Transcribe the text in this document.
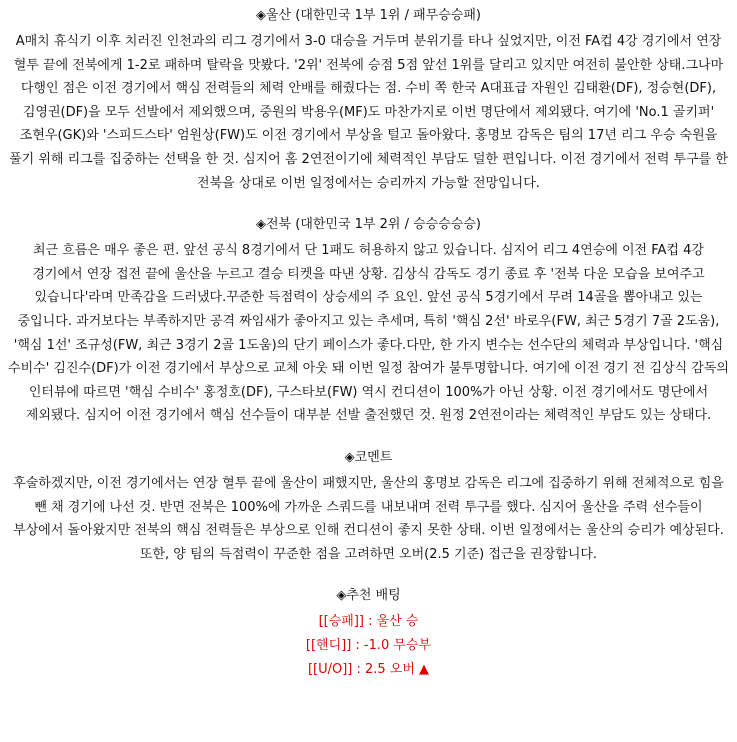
◈울산 (대한민국 1부 1위 / 패무승승패)

A매치 휴식기 이후 치러진 인천과의 리그 경기에서 3-0 대승을 거두며 분위기를 타나 싶었지만, 이전 FA컵 4강 경기에서 연장 혈투 끝에 전북에게 1-2로 패하며 탈락을 맛봤다. '2위' 전북에 승점 5점 앞선 1위를 달리고 있지만 여전히 불안한 상태.그나마 다행인 점은 이전 경기에서 핵심 전력들의 체력 안배를 해줬다는 점. 수비 쪽 한국 A대표급 자원인 김태환(DF), 정승현(DF), 김영권(DF)을 모두 선발에서 제외했으며, 중원의 박용우(MF)도 마찬가지로 이번 명단에서 제외됐다. 여기에 'No.1 골키퍼' 조현우(GK)와 '스피드스타' 엄원상(FW)도 이전 경기에서 부상을 털고 돌아왔다. 홍명보 감독은 팀의 17년 리그 우승 숙원을 풀기 위해 리그를 집중하는 선택을 한 것. 심지어 홈 2연전이기에 체력적인 부담도 덜한 편입니다. 이전 경기에서 전력 투구를 한 전북을 상대로 이번 일정에서는 승리까지 가능할 전망입니다.

◈전북 (대한민국 1부 2위 / 승승승승승)

최근 흐름은 매우 좋은 편. 앞선 공식 8경기에서 단 1패도 허용하지 않고 있습니다. 심지어 리그 4연승에 이전 FA컵 4강 경기에서 연장 접전 끝에 울산을 누르고 결승 티켓을 따낸 상황. 김상식 감독도 경기 종료 후 '전북 다운 모습을 보여주고 있습니다'라며 만족감을 드러냈다.꾸준한 득점력이 상승세의 주 요인. 앞선 공식 5경기에서 무려 14골을 뽑아내고 있는 중입니다. 과거보다는 부족하지만 공격 짜임새가 좋아지고 있는 추세며, 특히 '핵심 2선' 바로우(FW, 최근 5경기 7골 2도움), '핵심 1선' 조규성(FW, 최근 3경기 2골 1도움)의 단기 페이스가 좋다.다만, 한 가지 변수는 선수단의 체력과 부상입니다. '핵심 수비수' 김진수(DF)가 이전 경기에서 부상으로 교체 아웃 돼 이번 일정 참여가 불투명합니다. 여기에 이전 경기 전 김상식 감독의 인터뷰에 따르면 '핵심 수비수' 홍정호(DF), 구스타보(FW) 역시 컨디션이 100%가 아닌 상황. 이전 경기에서도 명단에서 제외됐다. 심지어 이전 경기에서 핵심 선수들이 대부분 선발 출전했던 것. 원정 2연전이라는 체력적인 부담도 있는 상태다.

◈코멘트

후술하겠지만, 이전 경기에서는 연장 혈투 끝에 울산이 패했지만, 울산의 홍명보 감독은 리그에 집중하기 위해 전체적으로 힘을 뺀 채 경기에 나선 것. 반면 전북은 100%에 가까운 스쿼드를 내보내며 전력 투구를 했다. 심지어 울산을 주력 선수들이 부상에서 돌아왔지만 전북의 핵심 전력들은 부상으로 인해 컨디션이 좋지 못한 상태. 이번 일정에서는 울산의 승리가 예상된다. 또한, 양 팀의 득점력이 꾸준한 점을 고려하면 오버(2.5 기준) 접근을 권장합니다.

◈추천 배팅

[[승패]] : 울산 승

[[핸디]] : -1.0 무승부

[[U/O]] : 2.5 오버 ▲
